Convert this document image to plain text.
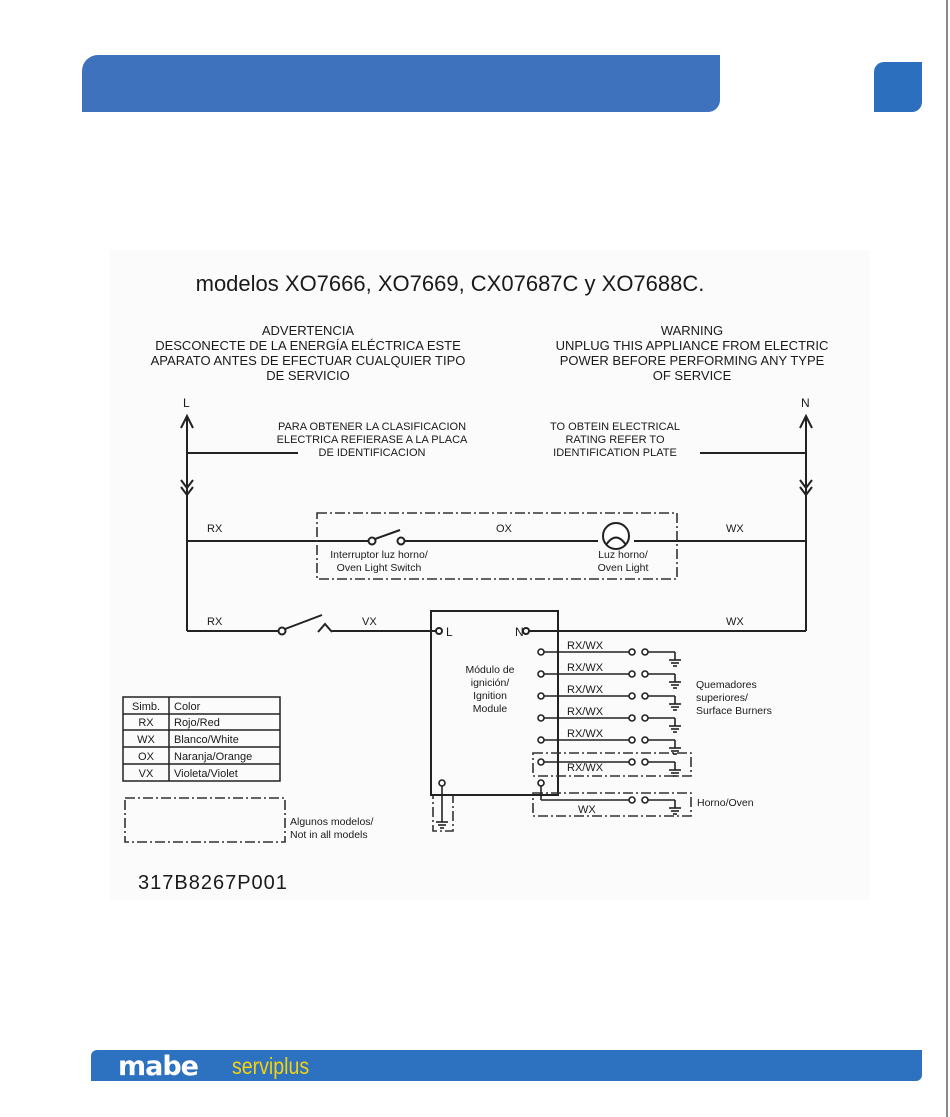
modelos XO7666, XO7669, CX07687C y XO7688C.
ADVERTENCIA
DESCONECTE DE LA ENERGÍA ELÉCTRICA ESTE
APARATO ANTES DE EFECTUAR CUALQUIER TIPO
DE SERVICIO
WARNING
UNPLUG THIS APPLIANCE FROM ELECTRIC
POWER BEFORE PERFORMING ANY TYPE
OF SERVICE
L	N
PARA OBTENER LA CLASIFICACION
ELECTRICA REFIERASE A LA PLACA
DE IDENTIFICACION
TO OBTEIN ELECTRICAL
RATING REFER TO
IDENTIFICATION PLATE
RX	OX	WX
RX	VX	WX
Interruptor luz horno/
Oven Light Switch
Luz horno/
Oven Light
Módulo de
ignición/
Ignition
Module
L	N
RX/WX
RX/WX
RX/WX
RX/WX
RX/WX
RX/WX
Quemadores
superiores/
Surface Burners
Horno/Oven
WX
Simb. Color
RX Rojo/Red
WX Blanco/White
OX Naranja/Orange
VX Violeta/Violet
Algunos modelos/
Not in all models
317B8267P001
mabe serviplus
